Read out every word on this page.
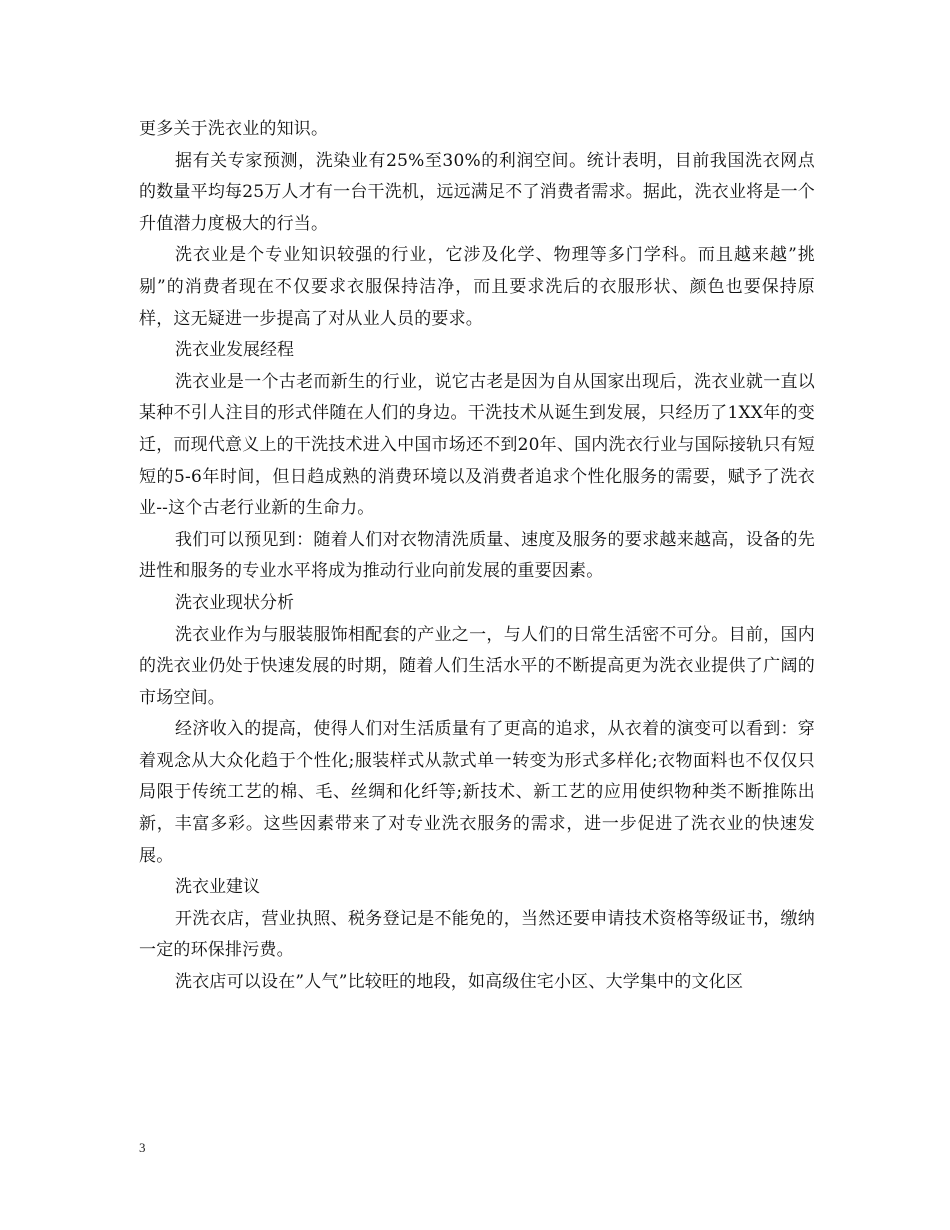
更多关于洗衣业的知识。

据有关专家预测，洗染业有25%至30%的利润空间。统计表明，目前我国洗衣网点的数量平均每25万人才有一台干洗机，远远满足不了消费者需求。据此，洗衣业将是一个升值潜力度极大的行当。

洗衣业是个专业知识较强的行业，它涉及化学、物理等多门学科。而且越来越”挑剔”的消费者现在不仅要求衣服保持洁净，而且要求洗后的衣服形状、颜色也要保持原样，这无疑进一步提高了对从业人员的要求。

洗衣业发展经程

洗衣业是一个古老而新生的行业，说它古老是因为自从国家出现后，洗衣业就一直以某种不引人注目的形式伴随在人们的身边。干洗技术从诞生到发展，只经历了1XX年的变迁，而现代意义上的干洗技术进入中国市场还不到20年、国内洗衣行业与国际接轨只有短短的5-6年时间，但日趋成熟的消费环境以及消费者追求个性化服务的需要，赋予了洗衣业--这个古老行业新的生命力。

我们可以预见到：随着人们对衣物清洗质量、速度及服务的要求越来越高，设备的先进性和服务的专业水平将成为推动行业向前发展的重要因素。

洗衣业现状分析

洗衣业作为与服装服饰相配套的产业之一，与人们的日常生活密不可分。目前，国内的洗衣业仍处于快速发展的时期，随着人们生活水平的不断提高更为洗衣业提供了广阔的市场空间。

经济收入的提高，使得人们对生活质量有了更高的追求，从衣着的演变可以看到：穿着观念从大众化趋于个性化;服装样式从款式单一转变为形式多样化;衣物面料也不仅仅只局限于传统工艺的棉、毛、丝绸和化纤等;新技术、新工艺的应用使织物种类不断推陈出新，丰富多彩。这些因素带来了对专业洗衣服务的需求，进一步促进了洗衣业的快速发展。

洗衣业建议

开洗衣店，营业执照、税务登记是不能免的，当然还要申请技术资格等级证书，缴纳一定的环保排污费。

洗衣店可以设在”人气”比较旺的地段，如高级住宅小区、大学集中的文化区

3
